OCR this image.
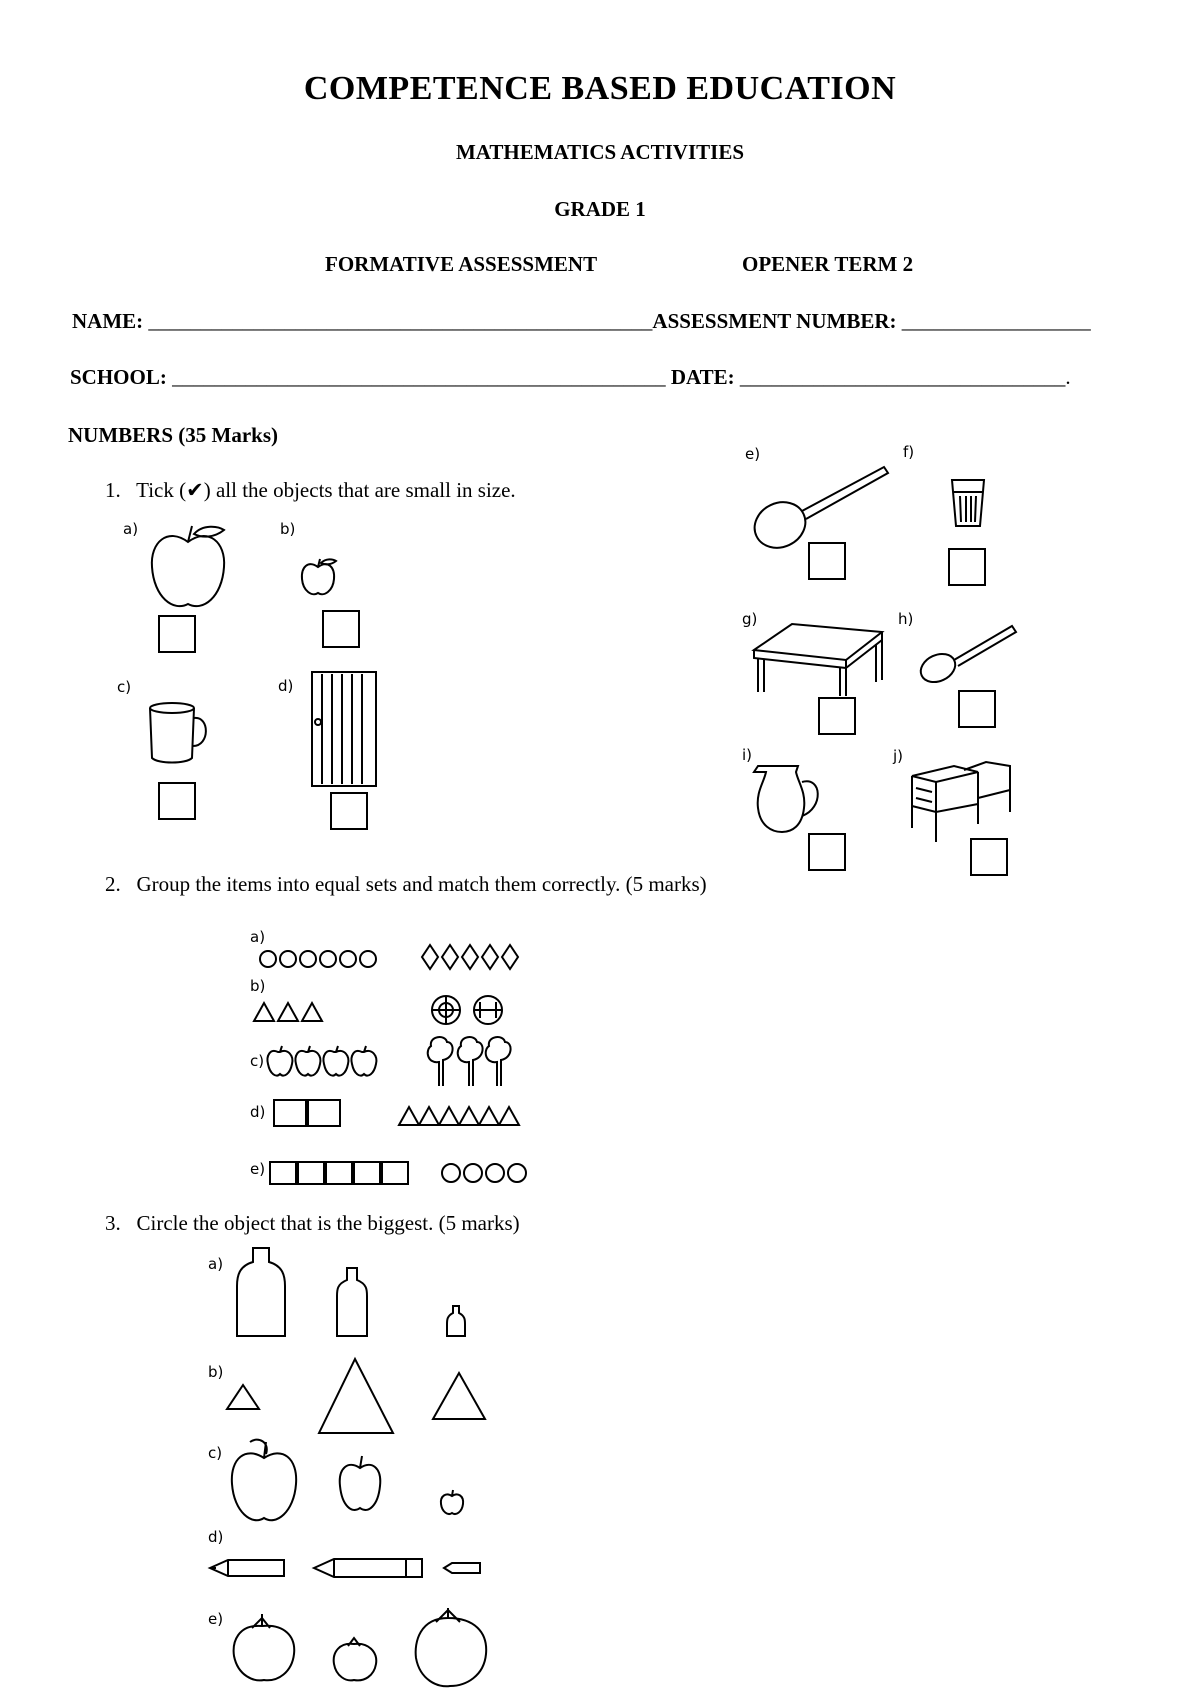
COMPETENCE BASED EDUCATION
MATHEMATICS ACTIVITIES
GRADE 1
FORMATIVE ASSESSMENT	OPENER TERM 2
NAME: ________________________________________________ASSESSMENT NUMBER: __________________
SCHOOL: _______________________________________________ DATE: _______________________________.
NUMBERS (35 Marks)
1. Tick (✔) all the objects that are small in size.
a)	b)
c)	d)
e)	f)
g)	h)
i)	j)
2. Group the items into equal sets and match them correctly. (5 marks)
a)
b)
c)
d)
e)
3. Circle the object that is the biggest. (5 marks)
a)
b)
c)
d)
e)
